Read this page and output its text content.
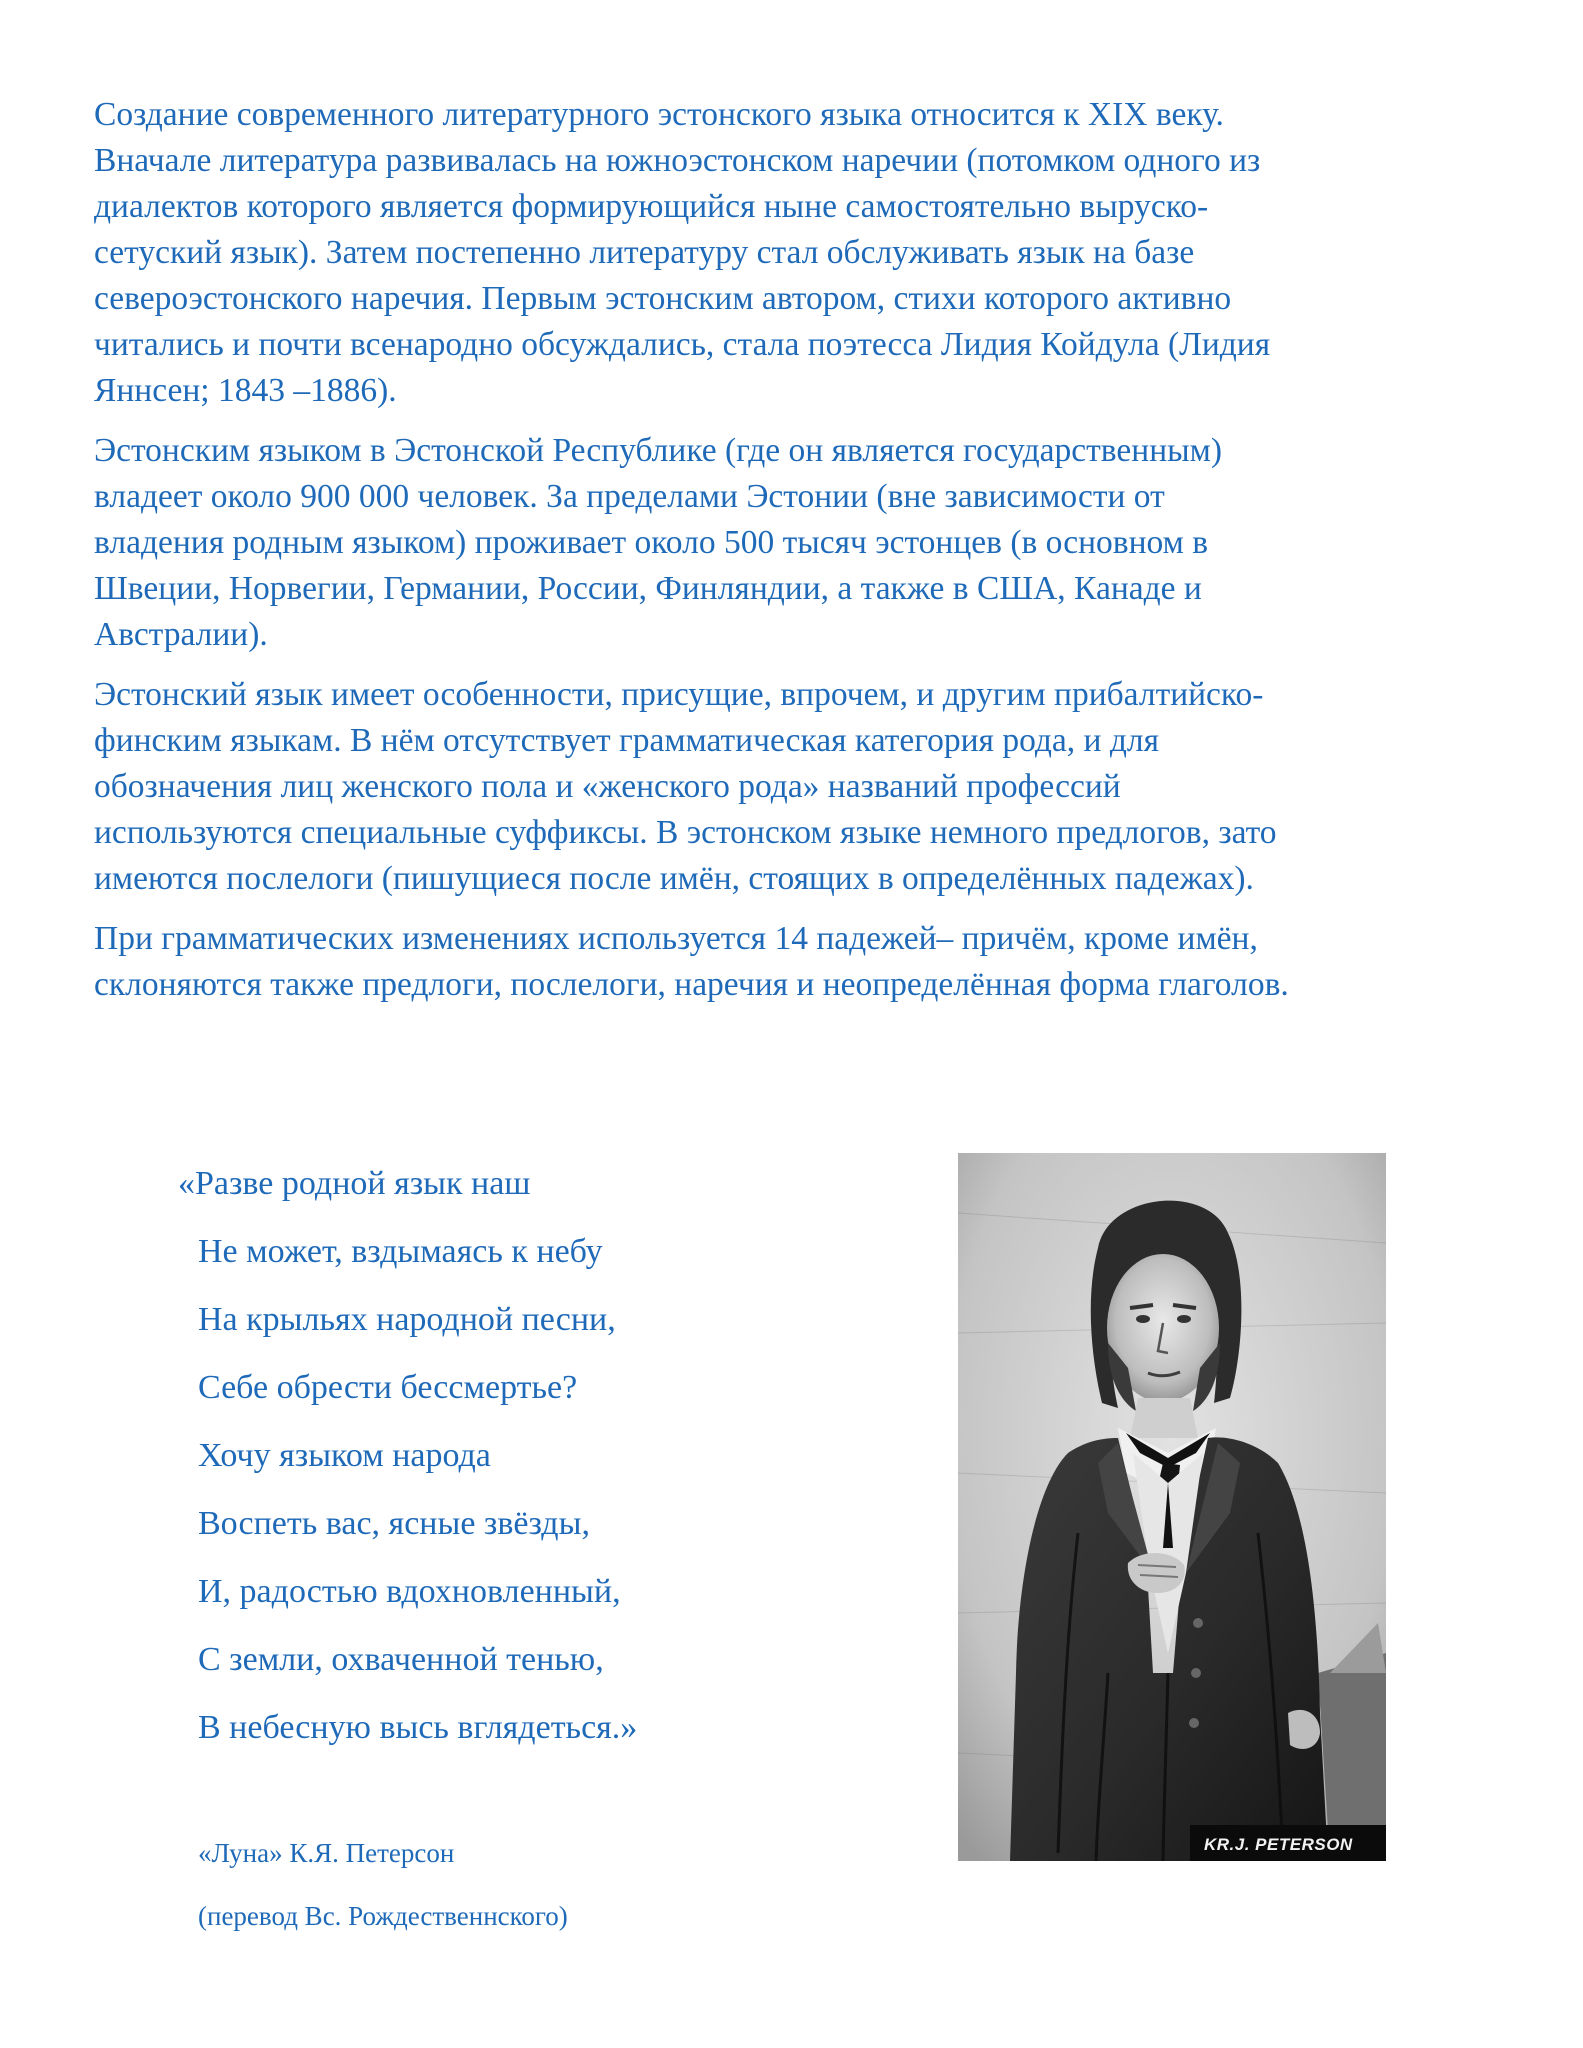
Создание современного литературного эстонского языка относится к XIX веку.
Вначале литература развивалась на южноэстонском наречии (потомком одного из
диалектов которого является формирующийся ныне самостоятельно выруско-
сетуский язык). Затем постепенно литературу стал обслуживать язык на базе
североэстонского наречия. Первым эстонским автором, стихи которого активно
читались и почти всенародно обсуждались, стала поэтесса Лидия Койдула (Лидия
Яннсен; 1843 –1886).

Эстонским языком в Эстонской Республике (где он является государственным)
владеет около 900 000 человек. За пределами Эстонии (вне зависимости от
владения родным языком) проживает около 500 тысяч эстонцев (в основном в
Швеции, Норвегии, Германии, России, Финляндии, а также в США, Канаде и
Австралии).

Эстонский язык имеет особенности, присущие, впрочем, и другим прибалтийско-
финским языкам. В нём отсутствует грамматическая категория рода, и для
обозначения лиц женского пола и «женского рода» названий профессий
используются специальные суффиксы. В эстонском языке немного предлогов, зато
имеются послелоги (пишущиеся после имён, стоящих в определённых падежах).

При грамматических изменениях используется 14 падежей– причём, кроме имён,
склоняются также предлоги, послелоги, наречия и неопределённая форма глаголов.

«Разве родной язык наш
Не может, вздымаясь к небу
На крыльях народной песни,
Себе обрести бессмертье?
Хочу языком народа
Воспеть вас, ясные звёзды,
И, радостью вдохновленный,
С земли, охваченной тенью,
В небесную высь вглядеться.»
«Луна» К.Я. Петерсон
(перевод Вс. Рождественнского)
KR.J. PETERSON
